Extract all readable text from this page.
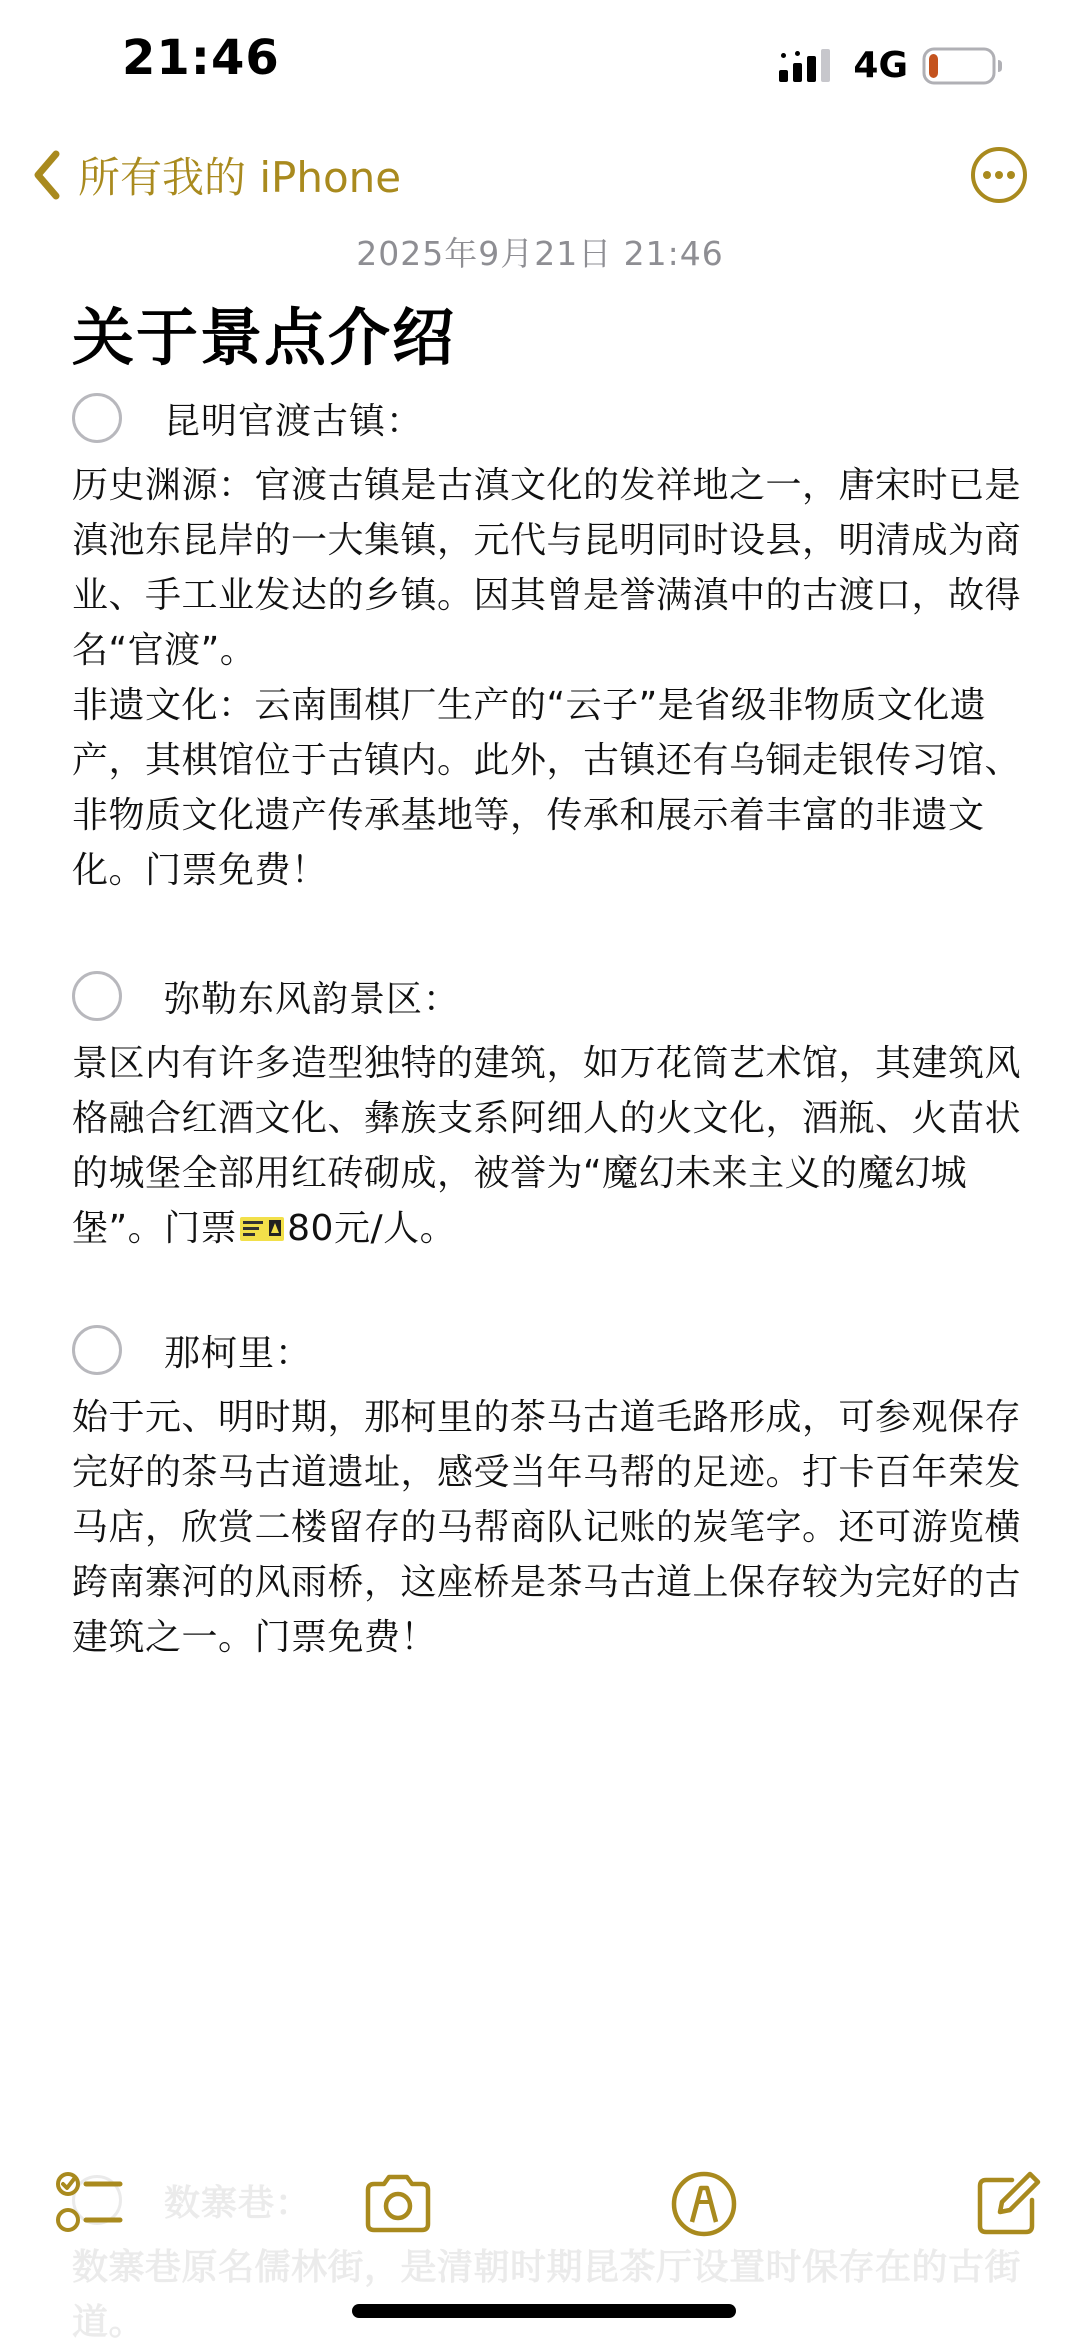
21:46	4G
所有我的 iPhone
2025年9月21日 21:46
关于景点介绍
昆明官渡古镇：

历史渊源：官渡古镇是古滇文化的发祥地之一，唐宋时已是滇池东昆岸的一大集镇，元代与昆明同时设县，明清成为商业、手工业发达的乡镇。因其曾是誉满滇中的古渡口，故得名“官渡”。
非遗文化：云南围棋厂生产的“云子”是省级非物质文化遗产，其棋馆位于古镇内。此外，古镇还有乌铜走银传习馆、非物质文化遗产传承基地等，传承和展示着丰富的非遗文化。门票免费！

弥勒东风韵景区：

景区内有许多造型独特的建筑，如万花筒艺术馆，其建筑风格融合红酒文化、彝族支系阿细人的火文化，酒瓶、火苗状的城堡全部用红砖砌成，被誉为“魔幻未来主义的魔幻城堡”。门票 80元/人。

那柯里：

始于元、明时期，那柯里的茶马古道毛路形成，可参观保存完好的茶马古道遗址，感受当年马帮的足迹。打卡百年荣发马店，欣赏二楼留存的马帮商队记账的炭笔字。还可游览横跨南寨河的风雨桥，这座桥是茶马古道上保存较为完好的古建筑之一。门票免费！

数寨巷：

数寨巷原名儒林街，是清朝时期昆茶厅设置时保存在的古街道。
